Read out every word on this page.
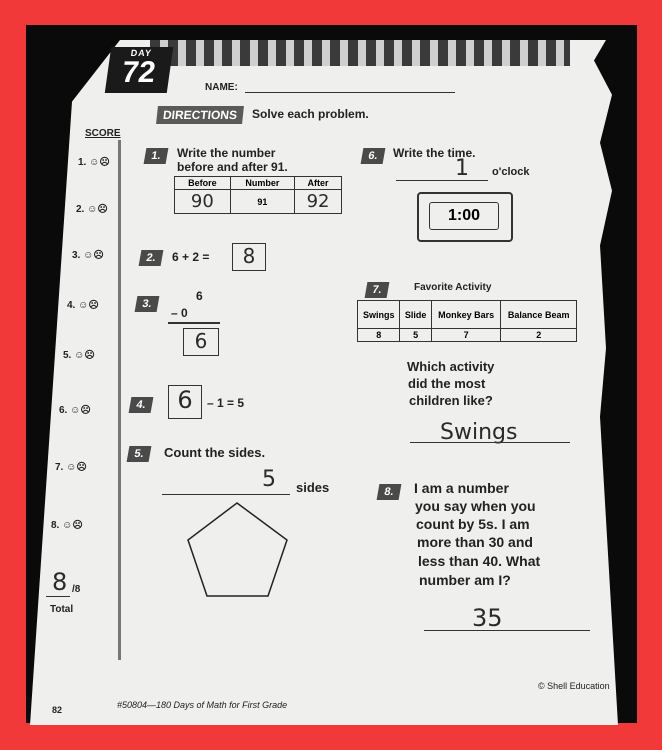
DAY
72	NAME:
DIRECTIONS	Solve each problem.
SCORE
1. ☺☹
2. ☺☹
3. ☺☹
4. ☺☹
5. ☺☹
6. ☺☹
7. ☺☹
8. ☺☹
8 /8
Total
1.	Write the number
before and after 91.
Before	Number	After
90	91	92
2.	6 + 2 =	8
3.
6
– 0
6
4.	6	– 1 = 5
5.	Count the sides.
5 sides
6.	Write the time.
1 o'clock
1:00
7.	Favorite Activity
Swings	Slide	Monkey Bars	Balance Beam
8	5	7	2
Which activity
did the most
children like?
Swings
8.	I am a number
you say when you
count by 5s. I am
more than 30 and
less than 40. What
number am I?
35
82	#50804—180 Days of Math for First Grade
© Shell Education
